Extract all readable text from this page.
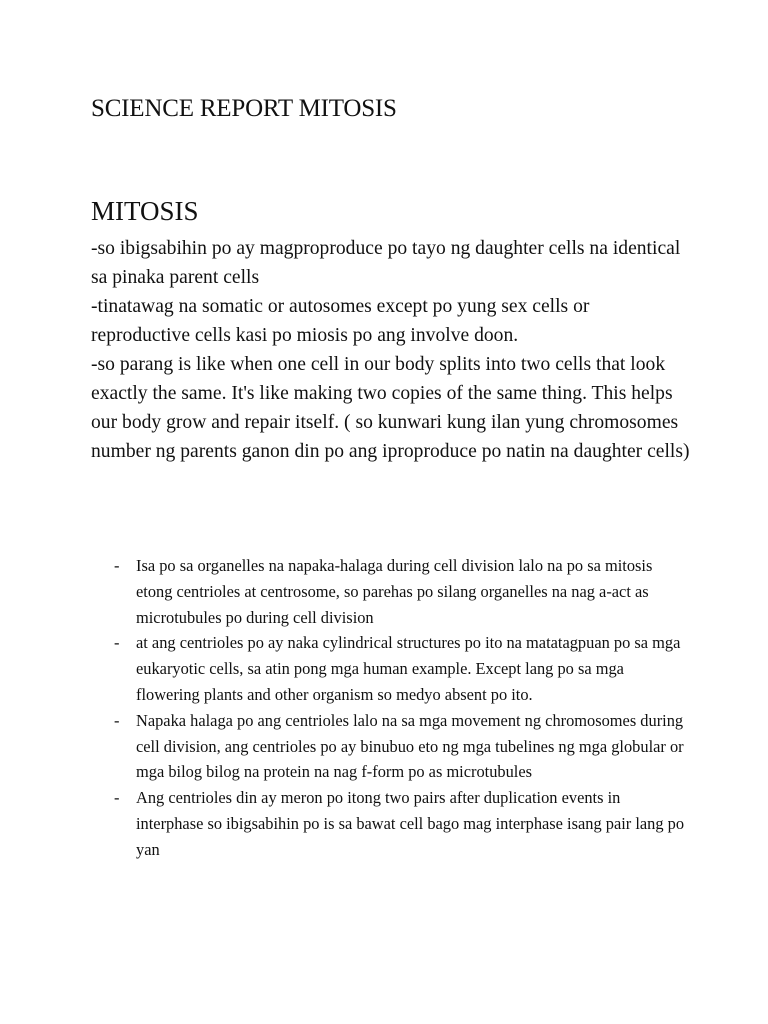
SCIENCE REPORT MITOSIS
MITOSIS

-so ibigsabihin po ay magproproduce po tayo ng daughter cells na identical sa pinaka parent cells

-tinatawag na somatic or autosomes except po yung sex cells or reproductive cells kasi po miosis po ang involve doon.

-so parang is like when one cell in our body splits into two cells that look exactly the same. It's like making two copies of the same thing. This helps our body grow and repair itself. ( so kunwari kung ilan yung chromosomes number ng parents ganon din po ang iproproduce po natin na daughter cells)

-	Isa po sa organelles na napaka-halaga during cell division lalo na po sa mitosis etong centrioles at centrosome, so parehas po silang organelles na nag a-act as microtubules po during cell division
-	at ang centrioles po ay naka cylindrical structures po ito na matatagpuan po sa mga eukaryotic cells, sa atin pong mga human example. Except lang po sa mga flowering plants and other organism so medyo absent po ito.
-	Napaka halaga po ang centrioles lalo na sa mga movement ng chromosomes during cell division, ang centrioles po ay binubuo eto ng mga tubelines ng mga globular or mga bilog bilog na protein na nag f-form po as microtubules
-	Ang centrioles din ay meron po itong two pairs after duplication events in interphase so ibigsabihin po is sa bawat cell bago mag interphase isang pair lang po yan
